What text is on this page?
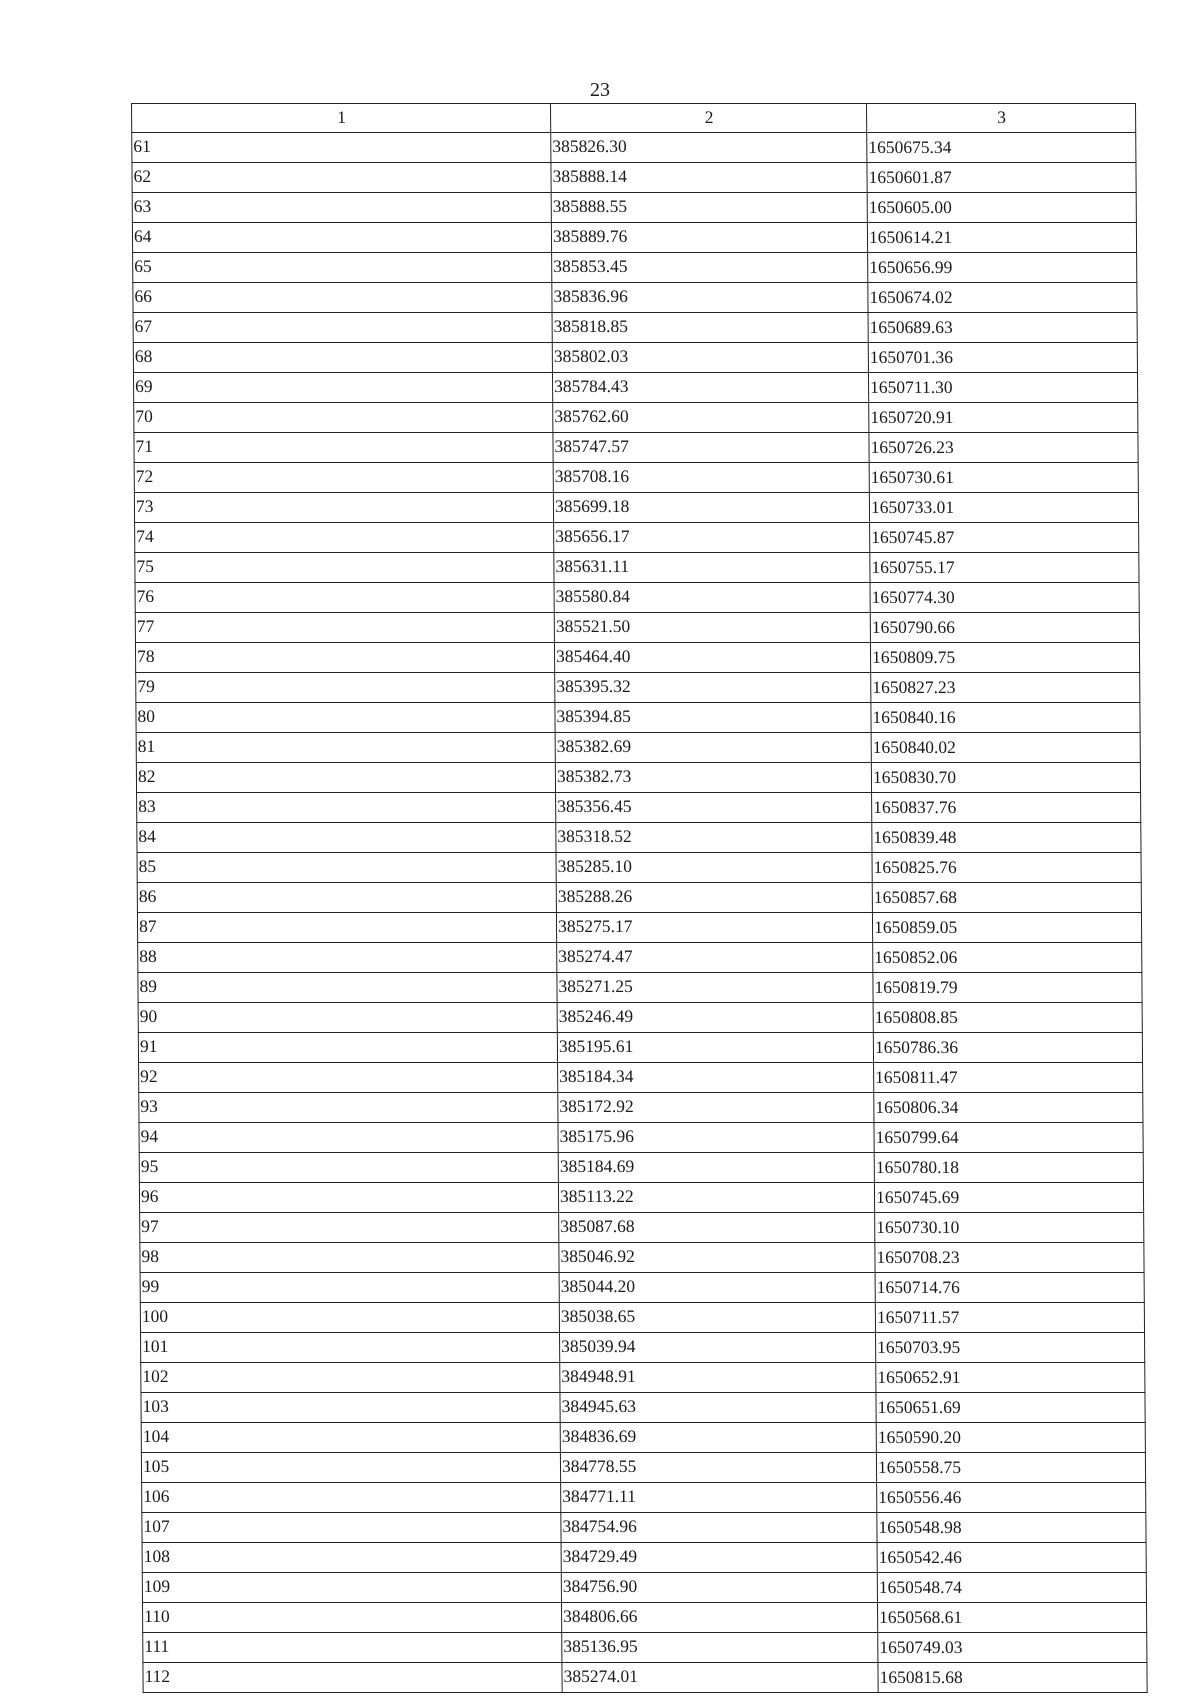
23
1	2	3
61	385826.30	1650675.34
62	385888.14	1650601.87
63	385888.55	1650605.00
64	385889.76	1650614.21
65	385853.45	1650656.99
66	385836.96	1650674.02
67	385818.85	1650689.63
68	385802.03	1650701.36
69	385784.43	1650711.30
70	385762.60	1650720.91
71	385747.57	1650726.23
72	385708.16	1650730.61
73	385699.18	1650733.01
74	385656.17	1650745.87
75	385631.11	1650755.17
76	385580.84	1650774.30
77	385521.50	1650790.66
78	385464.40	1650809.75
79	385395.32	1650827.23
80	385394.85	1650840.16
81	385382.69	1650840.02
82	385382.73	1650830.70
83	385356.45	1650837.76
84	385318.52	1650839.48
85	385285.10	1650825.76
86	385288.26	1650857.68
87	385275.17	1650859.05
88	385274.47	1650852.06
89	385271.25	1650819.79
90	385246.49	1650808.85
91	385195.61	1650786.36
92	385184.34	1650811.47
93	385172.92	1650806.34
94	385175.96	1650799.64
95	385184.69	1650780.18
96	385113.22	1650745.69
97	385087.68	1650730.10
98	385046.92	1650708.23
99	385044.20	1650714.76
100	385038.65	1650711.57
101	385039.94	1650703.95
102	384948.91	1650652.91
103	384945.63	1650651.69
104	384836.69	1650590.20
105	384778.55	1650558.75
106	384771.11	1650556.46
107	384754.96	1650548.98
108	384729.49	1650542.46
109	384756.90	1650548.74
110	384806.66	1650568.61
111	385136.95	1650749.03
112	385274.01	1650815.68
